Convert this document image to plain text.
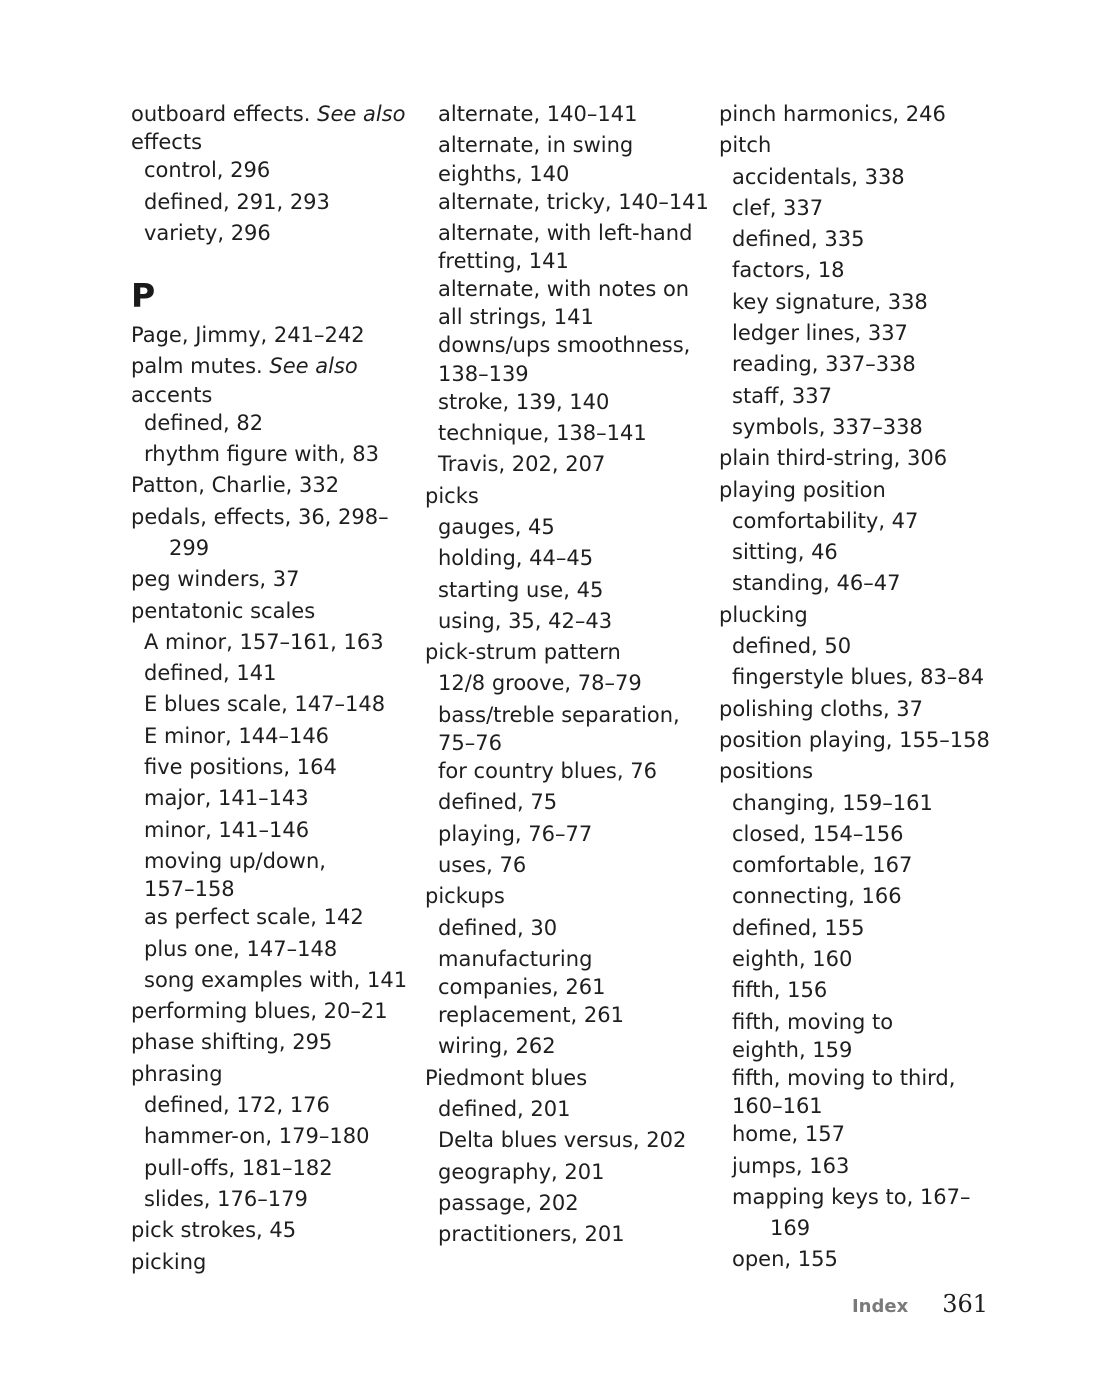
outboard effects. See also
effects
control, 296
defined, 291, 293
variety, 296
P
Page, Jimmy, 241–242
palm mutes. See also
accents
defined, 82
rhythm figure with, 83
Patton, Charlie, 332
pedals, effects, 36, 298–299
peg winders, 37
pentatonic scales
A minor, 157–161, 163
defined, 141
E blues scale, 147–148
E minor, 144–146
five positions, 164
major, 141–143
minor, 141–146
moving up/down,
157–158
as perfect scale, 142
plus one, 147–148
song examples with, 141
performing blues, 20–21
phase shifting, 295
phrasing
defined, 172, 176
hammer-on, 179–180
pull-offs, 181–182
slides, 176–179
pick strokes, 45
picking
alternate, 140–141
alternate, in swing
eighths, 140
alternate, tricky, 140–141
alternate, with left-hand
fretting, 141
alternate, with notes on
all strings, 141
downs/ups smoothness,
138–139
stroke, 139, 140
technique, 138–141
Travis, 202, 207
picks
gauges, 45
holding, 44–45
starting use, 45
using, 35, 42–43
pick-strum pattern
12/8 groove, 78–79
bass/treble separation,
75–76
for country blues, 76
defined, 75
playing, 76–77
uses, 76
pickups
defined, 30
manufacturing
companies, 261
replacement, 261
wiring, 262
Piedmont blues
defined, 201
Delta blues versus, 202
geography, 201
passage, 202
practitioners, 201
pinch harmonics, 246
pitch
accidentals, 338
clef, 337
defined, 335
factors, 18
key signature, 338
ledger lines, 337
reading, 337–338
staff, 337
symbols, 337–338
plain third-string, 306
playing position
comfortability, 47
sitting, 46
standing, 46–47
plucking
defined, 50
fingerstyle blues, 83–84
polishing cloths, 37
position playing, 155–158
positions
changing, 159–161
closed, 154–156
comfortable, 167
connecting, 166
defined, 155
eighth, 160
fifth, 156
fifth, moving to
eighth, 159
fifth, moving to third,
160–161
home, 157
jumps, 163
mapping keys to, 167–169
open, 155
Index 361
